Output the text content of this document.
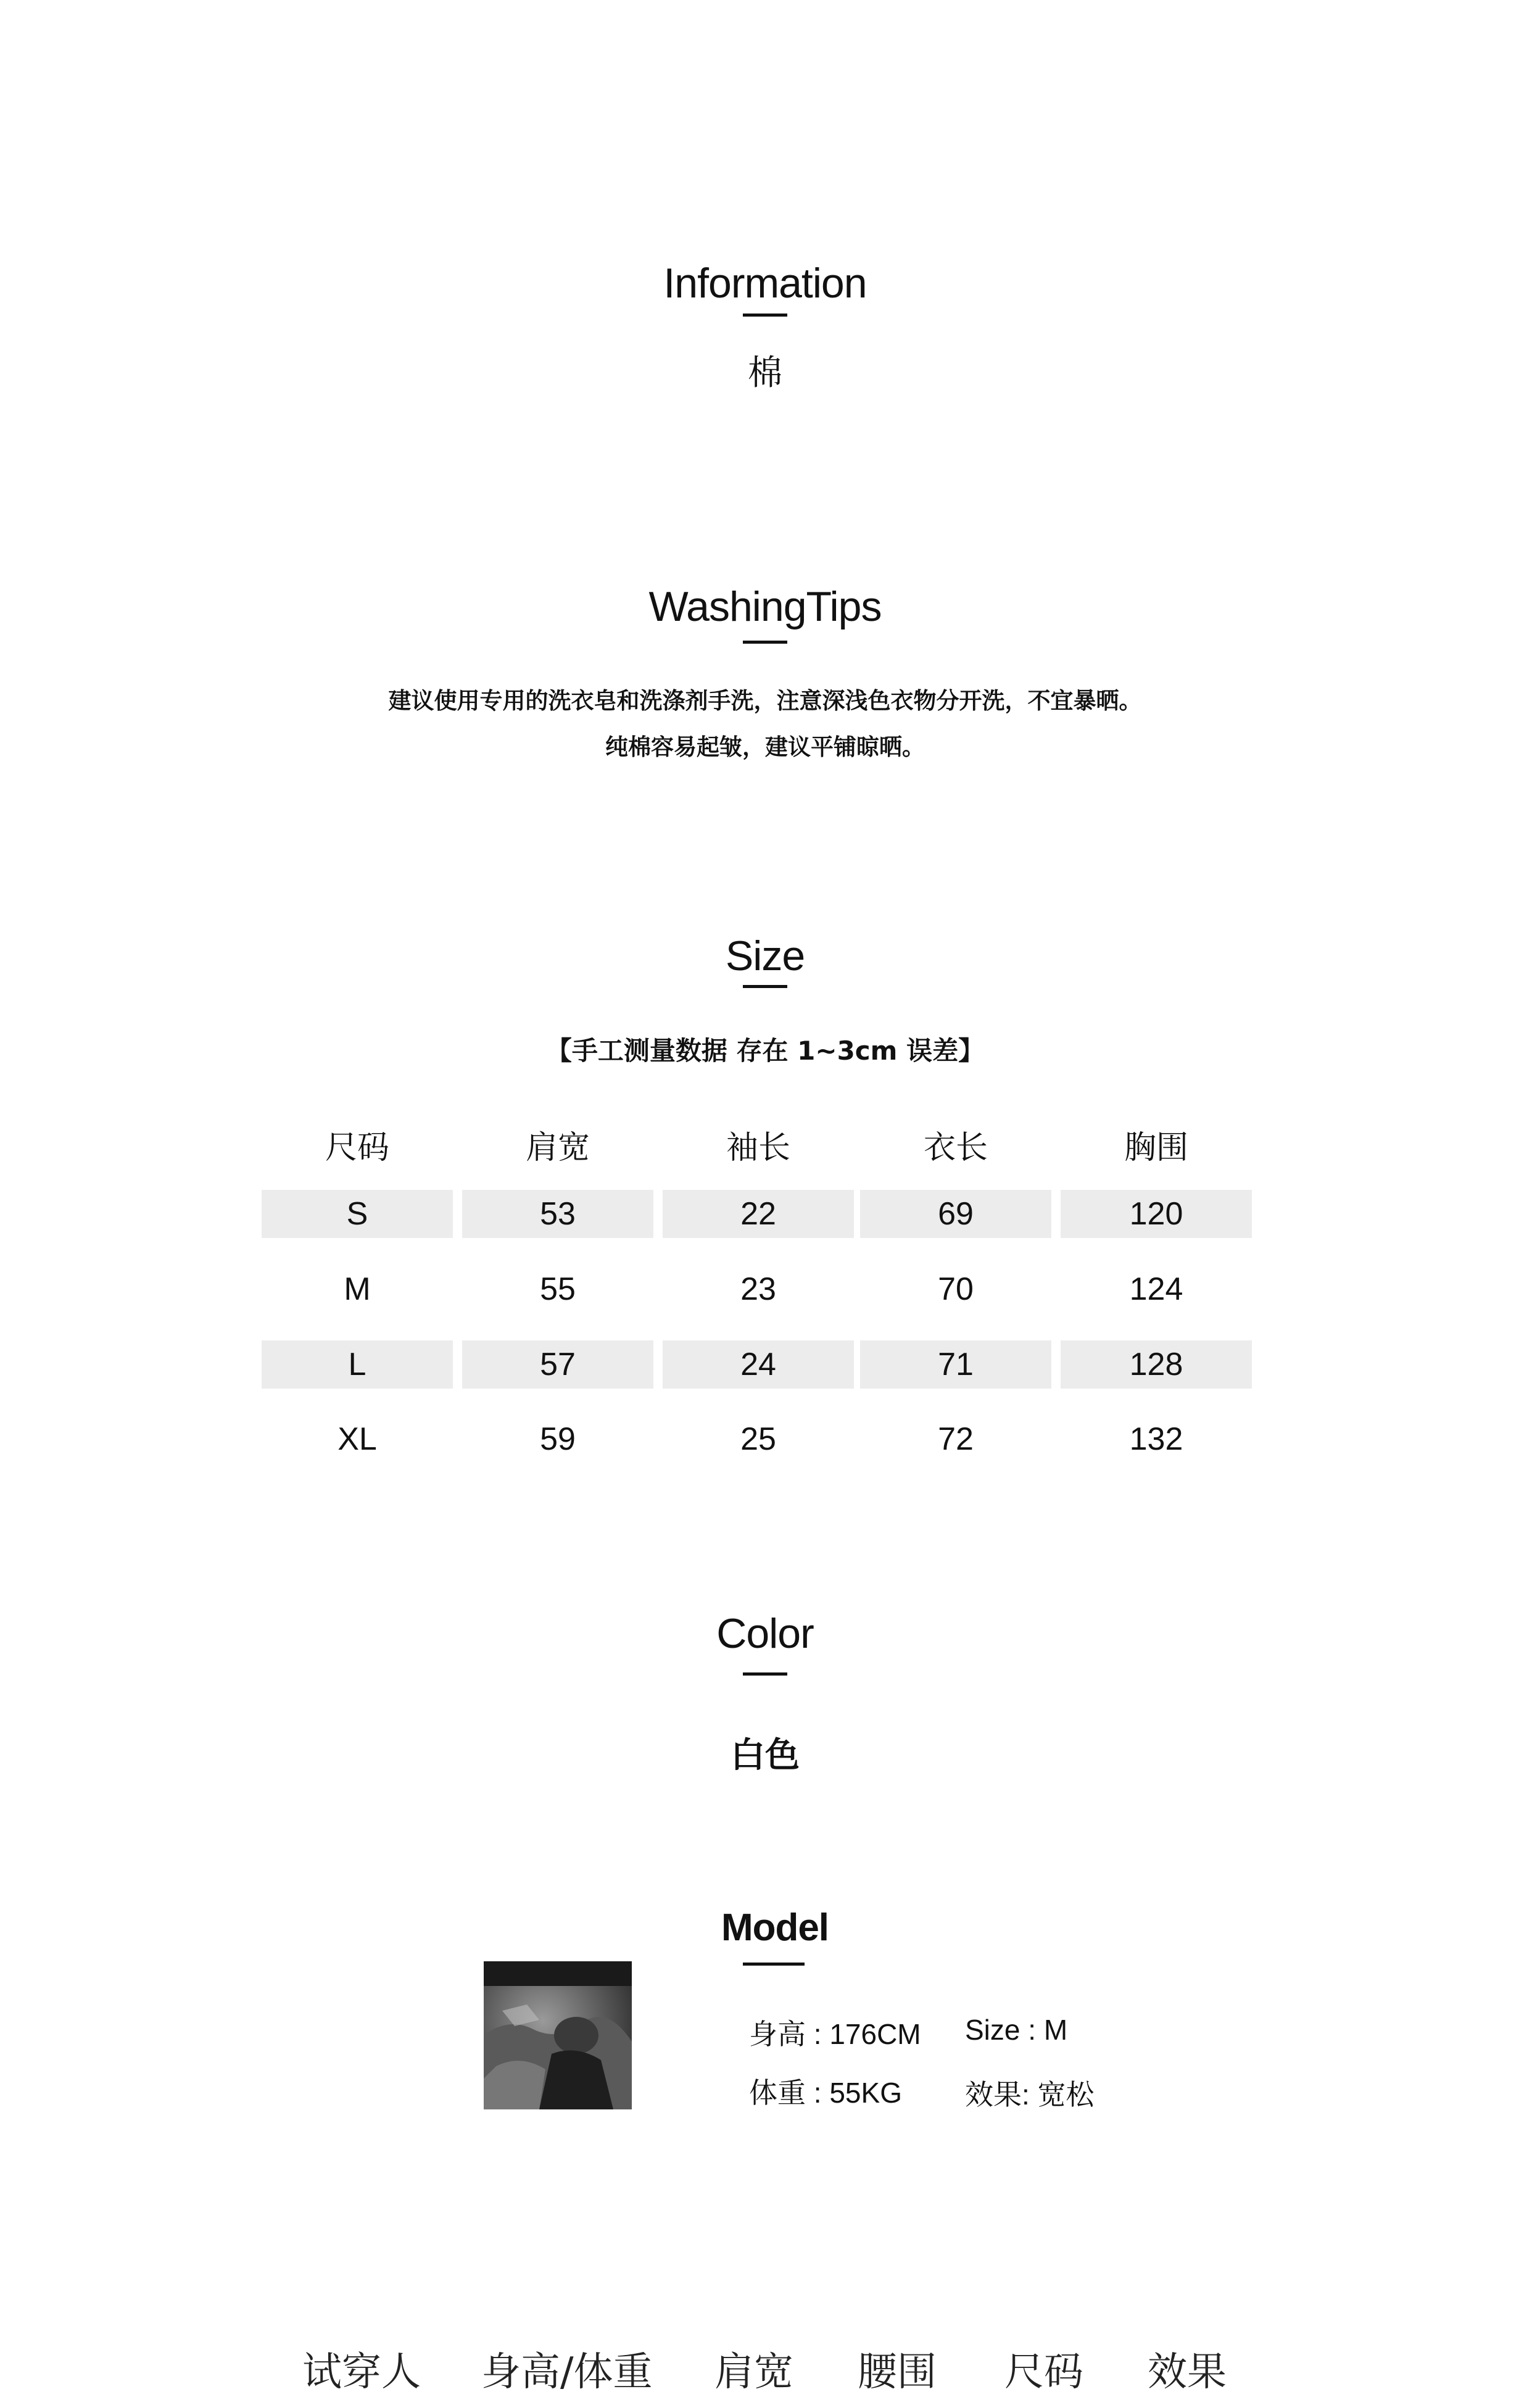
Information
棉
WashingTips
建议使用专用的洗衣皂和洗涤剂手洗，注意深浅色衣物分开洗，不宜暴晒。
纯棉容易起皱，建议平铺晾晒。
Size
【手工测量数据 存在 1~3cm 误差】
尺码	肩宽	袖长	衣长	胸围
S	53	22	69	120
M	55	23	70	124
L	57	24	71	128
XL	59	25	72	132
Color
白色
Model
身高 : 176CM Size : M
体重 : 55KG 效果: 宽松
试穿人 身高/体重 肩宽 腰围 尺码 效果
